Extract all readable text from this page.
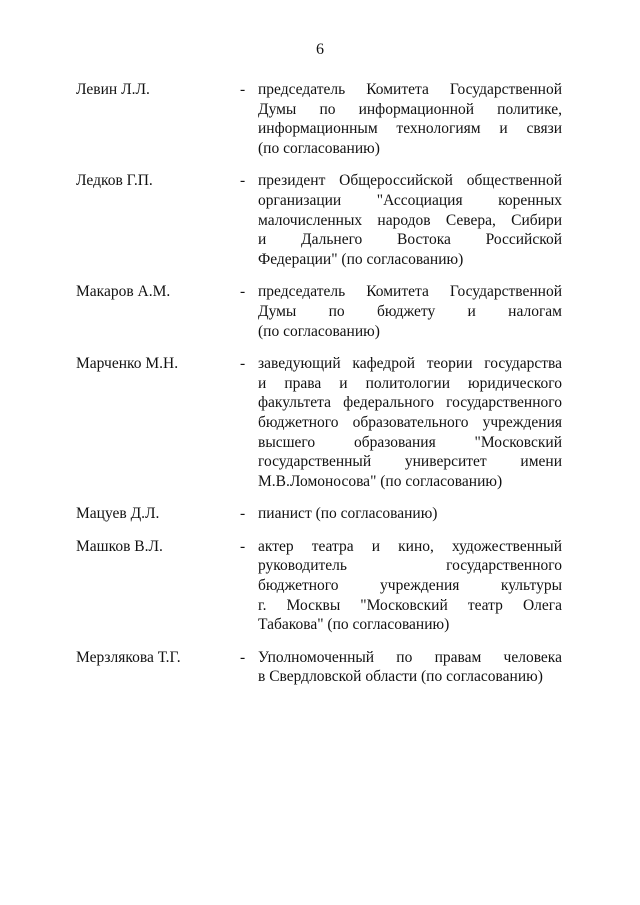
6
Левин Л.Л.	- председатель Комитета Государственной
Думы по информационной политике,
информационным технологиям и связи
(по согласованию)
Ледков Г.П.	- президент Общероссийской общественной
организации "Ассоциация коренных
малочисленных народов Севера, Сибири
и Дальнего Востока Российской
Федерации" (по согласованию)
Макаров А.М.	- председатель Комитета Государственной
Думы по бюджету и налогам
(по согласованию)
Марченко М.Н.	- заведующий кафедрой теории государства
и права и политологии юридического
факультета федерального государственного
бюджетного образовательного учреждения
высшего образования "Московский
государственный университет имени
М.В.Ломоносова" (по согласованию)
Мацуев Д.Л.	- пианист (по согласованию)
Машков В.Л.	- актер театра и кино, художественный
руководитель государственного
бюджетного учреждения культуры
г. Москвы "Московский театр Олега
Табакова" (по согласованию)
Мерзлякова Т.Г.	- Уполномоченный по правам человека
в Свердловской области (по согласованию)
